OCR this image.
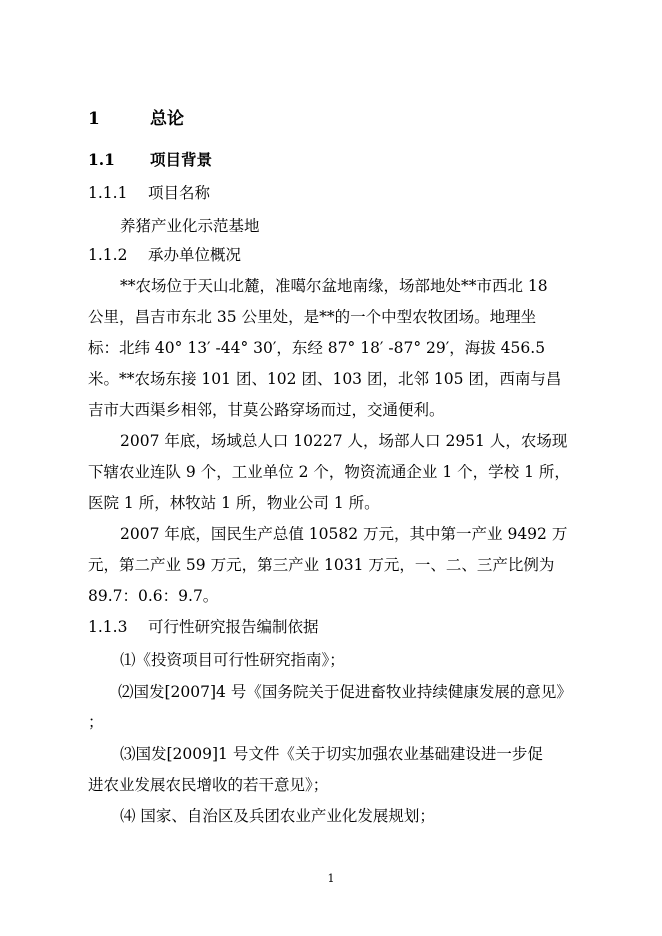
1	总论
1.1 项目背景
1.1.1 项目名称
养猪产业化示范基地
1.1.2 承办单位概况
**农场位于天山北麓，准噶尔盆地南缘，场部地处**市西北 18
公里，昌吉市东北 35 公里处，是**的一个中型农牧团场。地理坐
标：北纬 40° 13′ -44° 30′，东经 87° 18′ -87° 29′，海拔 456.5
米。**农场东接 101 团、102 团、103 团，北邻 105 团，西南与昌
吉市大西渠乡相邻，甘莫公路穿场而过，交通便利。
2007 年底，场域总人口 10227 人，场部人口 2951 人，农场现
下辖农业连队 9 个，工业单位 2 个，物资流通企业 1 个，学校 1 所，
医院 1 所，林牧站 1 所，物业公司 1 所。
2007 年底，国民生产总值 10582 万元，其中第一产业 9492 万
元，第二产业 59 万元，第三产业 1031 万元，一、二、三产比例为
89.7：0.6：9.7。
1.1.3 可行性研究报告编制依据
⑴《投资项目可行性研究指南》；
⑵国发[2007]4 号《国务院关于促进畜牧业持续健康发展的意见》
；
⑶国发[2009]1 号文件《关于切实加强农业基础建设进一步促
进农业发展农民增收的若干意见》；
⑷ 国家、自治区及兵团农业产业化发展规划；
1
